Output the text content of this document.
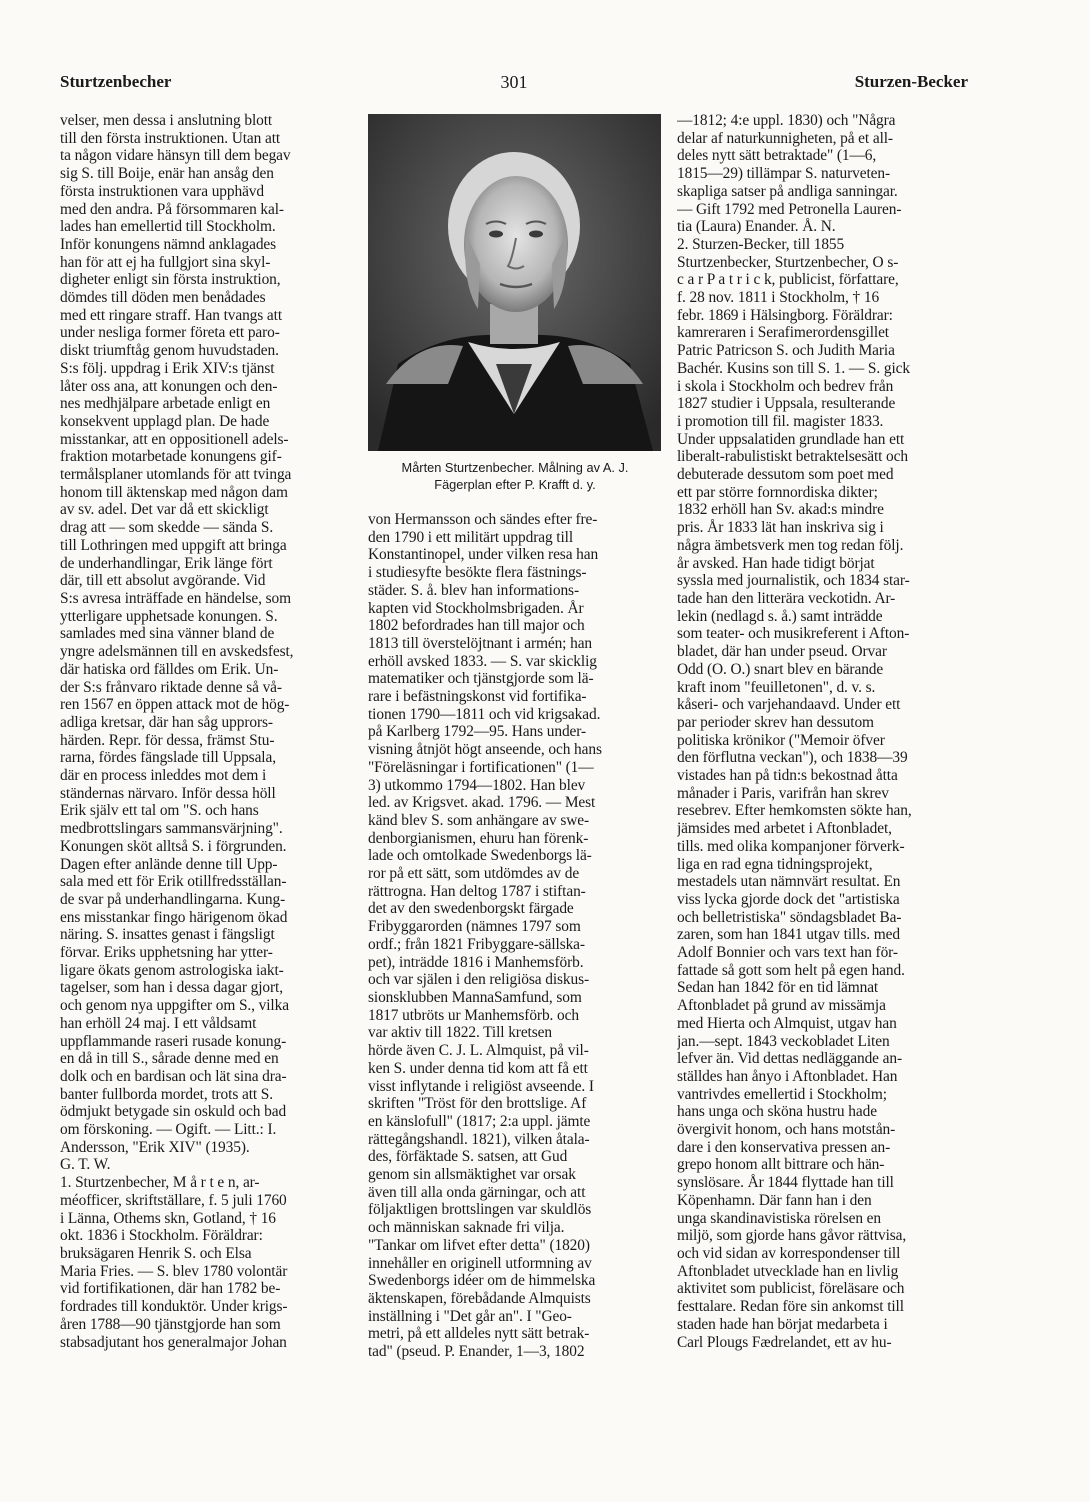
Sturtzenbecher	301	Sturzen-Becker
velser, men dessa i anslutning blott
till den första instruktionen. Utan att
ta någon vidare hänsyn till dem begav
sig S. till Boije, enär han ansåg den
första instruktionen vara upphävd
med den andra. På försommaren kal-
lades han emellertid till Stockholm.
Inför konungens nämnd anklagades
han för att ej ha fullgjort sina skyl-
digheter enligt sin första instruktion,
dömdes till döden men benådades
med ett ringare straff. Han tvangs att
under nesliga former företa ett paro-
diskt triumftåg genom huvudstaden.
S:s följ. uppdrag i Erik XIV:s tjänst
låter oss ana, att konungen och den-
nes medhjälpare arbetade enligt en
konsekvent upplagd plan. De hade
misstankar, att en oppositionell adels-
fraktion motarbetade konungens gif-
termålsplaner utomlands för att tvinga
honom till äktenskap med någon dam
av sv. adel. Det var då ett skickligt
drag att — som skedde — sända S.
till Lothringen med uppgift att bringa
de underhandlingar, Erik länge fört
där, till ett absolut avgörande. Vid
S:s avresa inträffade en händelse, som
ytterligare upphetsade konungen. S.
samlades med sina vänner bland de
yngre adelsmännen till en avskedsfest,
där hatiska ord fälldes om Erik. Un-
der S:s frånvaro riktade denne så vå-
ren 1567 en öppen attack mot de hög-
adliga kretsar, där han såg upprors-
härden. Repr. för dessa, främst Stu-
rarna, fördes fängslade till Uppsala,
där en process inleddes mot dem i
ständernas närvaro. Inför dessa höll
Erik själv ett tal om "S. och hans
medbrottslingars sammansvärjning".
Konungen sköt alltså S. i förgrunden.
Dagen efter anlände denne till Upp-
sala med ett för Erik otillfredsställan-
de svar på underhandlingarna. Kung-
ens misstankar fingo härigenom ökad
näring. S. insattes genast i fängsligt
förvar. Eriks upphetsning har ytter-
ligare ökats genom astrologiska iakt-
tagelser, som han i dessa dagar gjort,
och genom nya uppgifter om S., vilka
han erhöll 24 maj. I ett våldsamt
uppflammande raseri rusade konung-
en då in till S., sårade denne med en
dolk och en bardisan och lät sina dra-
banter fullborda mordet, trots att S.
ödmjukt betygade sin oskuld och bad
om förskoning. — Ogift. — Litt.: I.
Andersson, "Erik XIV" (1935).
G. T. W.
1. Sturtzenbecher, M å r t e n, ar-
méofficer, skriftställare, f. 5 juli 1760
i Länna, Othems skn, Gotland, † 16
okt. 1836 i Stockholm. Föräldrar:
bruksägaren Henrik S. och Elsa
Maria Fries. — S. blev 1780 volontär
vid fortifikationen, där han 1782 be-
fordrades till konduktör. Under krigs-
åren 1788—90 tjänstgjorde han som
stabsadjutant hos generalmajor Johan
Mårten Sturtzenbecher. Målning av A. J.
Fägerplan efter P. Krafft d. y.
von Hermansson och sändes efter fre-
den 1790 i ett militärt uppdrag till
Konstantinopel, under vilken resa han
i studiesyfte besökte flera fästnings-
städer. S. å. blev han informations-
kapten vid Stockholmsbrigaden. År
1802 befordrades han till major och
1813 till överstelöjtnant i armén; han
erhöll avsked 1833. — S. var skicklig
matematiker och tjänstgjorde som lä-
rare i befästningskonst vid fortifika-
tionen 1790—1811 och vid krigsakad.
på Karlberg 1792—95. Hans under-
visning åtnjöt högt anseende, och hans
"Föreläsningar i fortificationen" (1—
3) utkommo 1794—1802. Han blev
led. av Krigsvet. akad. 1796. — Mest
känd blev S. som anhängare av swe-
denborgianismen, ehuru han förenk-
lade och omtolkade Swedenborgs lä-
ror på ett sätt, som utdömdes av de
rättrogna. Han deltog 1787 i stiftan-
det av den swedenborgskt färgade
Fribyggarorden (nämnes 1797 som
ordf.; från 1821 Fribyggare-sällska-
pet), inträdde 1816 i Manhemsförb.
och var själen i den religiösa diskus-
sionsklubben MannaSamfund, som
1817 utbröts ur Manhemsförb. och
var aktiv till 1822. Till kretsen
hörde även C. J. L. Almquist, på vil-
ken S. under denna tid kom att få ett
visst inflytande i religiöst avseende. I
skriften "Tröst för den brottslige. Af
en känslofull" (1817; 2:a uppl. jämte
rättegångshandl. 1821), vilken åtala-
des, förfäktade S. satsen, att Gud
genom sin allsmäktighet var orsak
även till alla onda gärningar, och att
följaktligen brottslingen var skuldlös
och människan saknade fri vilja.
"Tankar om lifvet efter detta" (1820)
innehåller en originell utformning av
Swedenborgs idéer om de himmelska
äktenskapen, förebådande Almquists
inställning i "Det går an". I "Geo-
metri, på ett alldeles nytt sätt betrak-
tad" (pseud. P. Enander, 1—3, 1802
—1812; 4:e uppl. 1830) och "Några
delar af naturkunnigheten, på et all-
deles nytt sätt betraktade" (1—6,
1815—29) tillämpar S. naturveten-
skapliga satser på andliga sanningar.
— Gift 1792 med Petronella Lauren-
tia (Laura) Enander. Å. N.
2. Sturzen-Becker, till 1855
Sturtzenbecker, Sturtzenbecher, O s-
c a r P a t r i c k, publicist, författare,
f. 28 nov. 1811 i Stockholm, † 16
febr. 1869 i Hälsingborg. Föräldrar:
kamreraren i Serafimerordensgillet
Patric Patricson S. och Judith Maria
Bachér. Kusins son till S. 1. — S. gick
i skola i Stockholm och bedrev från
1827 studier i Uppsala, resulterande
i promotion till fil. magister 1833.
Under uppsalatiden grundlade han ett
liberalt-rabulistiskt betraktelsesätt och
debuterade dessutom som poet med
ett par större fornnordiska dikter;
1832 erhöll han Sv. akad:s mindre
pris. År 1833 lät han inskriva sig i
några ämbetsverk men tog redan följ.
år avsked. Han hade tidigt börjat
syssla med journalistik, och 1834 star-
tade han den litterära veckotidn. Ar-
lekin (nedlagd s. å.) samt inträdde
som teater- och musikreferent i Afton-
bladet, där han under pseud. Orvar
Odd (O. O.) snart blev en bärande
kraft inom "feuilletonen", d. v. s.
kåseri- och varjehandaavd. Under ett
par perioder skrev han dessutom
politiska krönikor ("Memoir öfver
den förflutna veckan"), och 1838—39
vistades han på tidn:s bekostnad åtta
månader i Paris, varifrån han skrev
resebrev. Efter hemkomsten sökte han,
jämsides med arbetet i Aftonbladet,
tills. med olika kompanjoner förverk-
liga en rad egna tidningsprojekt,
mestadels utan nämnvärt resultat. En
viss lycka gjorde dock det "artistiska
och belletristiska" söndagsbladet Ba-
zaren, som han 1841 utgav tills. med
Adolf Bonnier och vars text han för-
fattade så gott som helt på egen hand.
Sedan han 1842 för en tid lämnat
Aftonbladet på grund av missämja
med Hierta och Almquist, utgav han
jan.—sept. 1843 veckobladet Liten
lefver än. Vid dettas nedläggande an-
ställdes han ånyo i Aftonbladet. Han
vantrivdes emellertid i Stockholm;
hans unga och sköna hustru hade
övergivit honom, och hans motstån-
dare i den konservativa pressen an-
grepo honom allt bittrare och hän-
synslösare. År 1844 flyttade han till
Köpenhamn. Där fann han i den
unga skandinavistiska rörelsen en
miljö, som gjorde hans gåvor rättvisa,
och vid sidan av korrespondenser till
Aftonbladet utvecklade han en livlig
aktivitet som publicist, föreläsare och
festtalare. Redan före sin ankomst till
staden hade han börjat medarbeta i
Carl Plougs Fædrelandet, ett av hu-
